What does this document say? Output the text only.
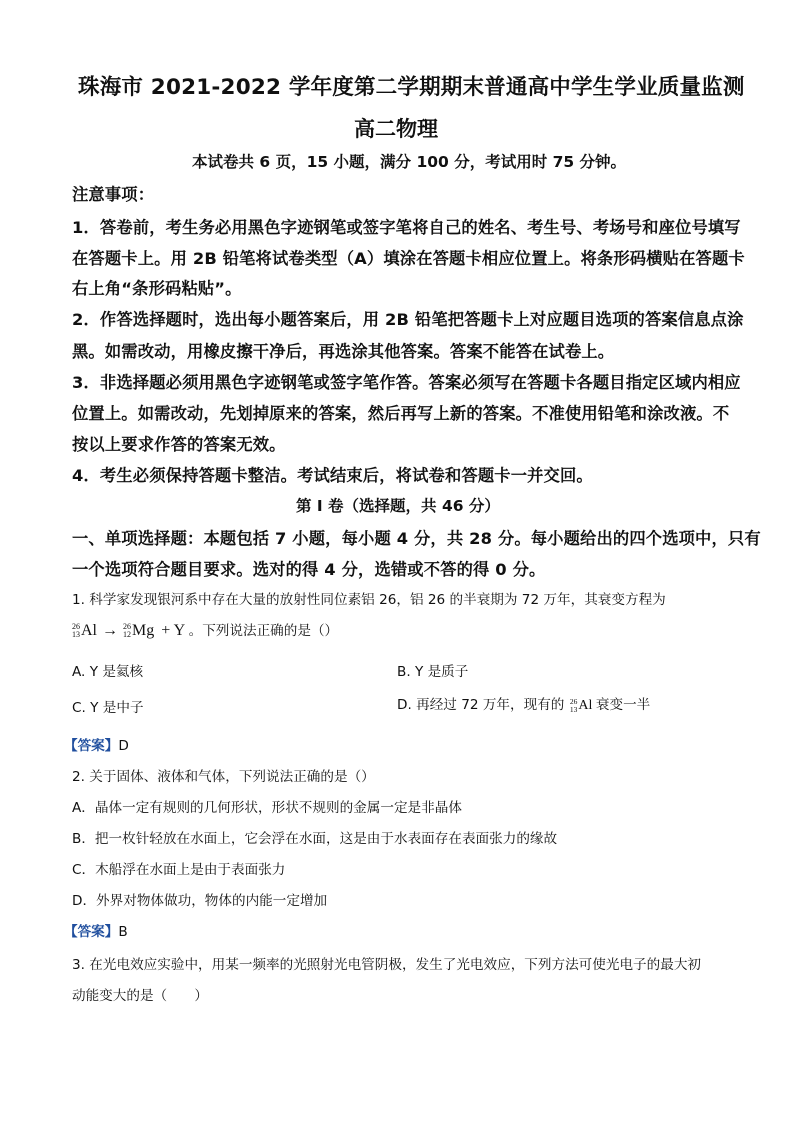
珠海市 2021-2022 学年度第二学期期末普通高中学生学业质量监测
高二物理
本试卷共 6 页，15 小题，满分 100 分，考试用时 75 分钟。
注意事项：
1．答卷前，考生务必用黑色字迹钢笔或签字笔将自己的姓名、考生号、考场号和座位号填写
在答题卡上。用 2B 铅笔将试卷类型（A）填涂在答题卡相应位置上。将条形码横贴在答题卡
右上角“条形码粘贴”。
2．作答选择题时，选出每小题答案后，用 2B 铅笔把答题卡上对应题目选项的答案信息点涂
黑。如需改动，用橡皮擦干净后，再选涂其他答案。答案不能答在试卷上。
3．非选择题必须用黑色字迹钢笔或签字笔作答。答案必须写在答题卡各题目指定区域内相应
位置上。如需改动，先划掉原来的答案，然后再写上新的答案。不准使用铅笔和涂改液。不
按以上要求作答的答案无效。
4．考生必须保持答题卡整洁。考试结束后，将试卷和答题卡一并交回。
第 I 卷（选择题，共 46 分）
一、单项选择题：本题包括 7 小题，每小题 4 分，共 28 分。每小题给出的四个选项中，只有
一个选项符合题目要求。选对的得 4 分，选错或不答的得 0 分。
1. 科学家发现银河系中存在大量的放射性同位素铝 26，铝 26 的半衰期为 72 万年，其衰变方程为
26
13 Al → 26
12 Mg + Y 。下列说法正确的是（）
A. Y 是氦核	B. Y 是质子
C. Y 是中子	D. 再经过 72 万年，现有的 26
13 Al 衰变一半
【答案】D
2. 关于固体、液体和气体，下列说法正确的是（）
A．晶体一定有规则的几何形状，形状不规则的金属一定是非晶体
B．把一枚针轻放在水面上，它会浮在水面，这是由于水表面存在表面张力的缘故
C．木船浮在水面上是由于表面张力
D．外界对物体做功，物体的内能一定增加
【答案】B
3. 在光电效应实验中，用某一频率的光照射光电管阴极，发生了光电效应，下列方法可使光电子的最大初
动能变大的是（　　）
